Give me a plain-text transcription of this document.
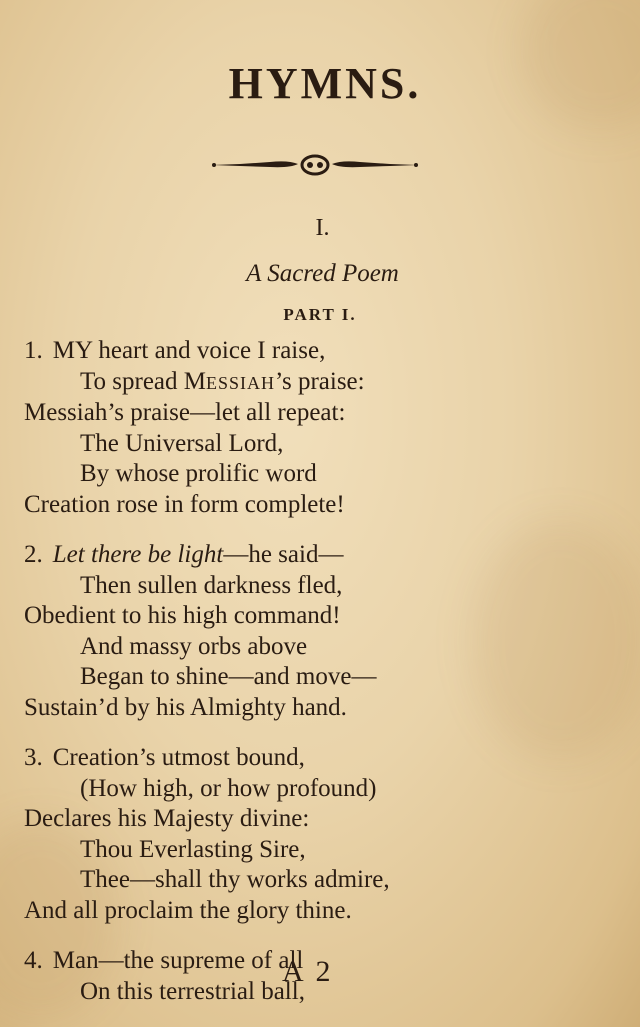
HYMNS.
I.
A Sacred Poem
PART I.
1. MY heart and voice I raise,
To spread MESSIAH’s praise:
Messiah’s praise—let all repeat:
The Universal Lord,
By whose prolific word
Creation rose in form complete!
2. Let there be light—he said—
Then sullen darkness fled,
Obedient to his high command!
And massy orbs above
Began to shine—and move—
Sustain’d by his Almighty hand.
3. Creation’s utmost bound,
(How high, or how profound)
Declares his Majesty divine:
Thou Everlasting Sire,
Thee—shall thy works admire,
And all proclaim the glory thine.
4. Man—the supreme of all
On this terrestrial ball,
A 2
